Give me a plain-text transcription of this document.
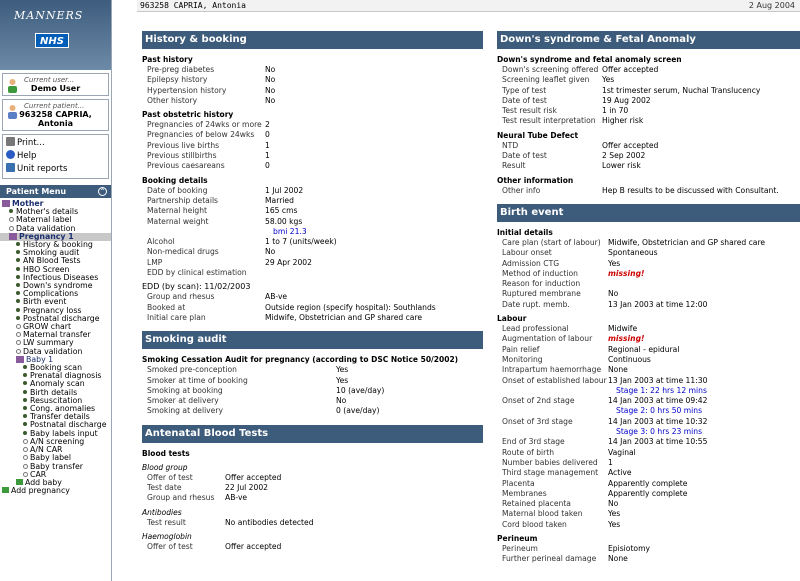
MANNERS
NHS
Current user...
Demo User
Current patient...
963258 CAPRIA,
Antonia
Print...
Help
Unit reports
Patient Menu	^
Mother
Mother's details
Maternal label
Data validation
Pregnancy 1
History & booking
Smoking audit
AN Blood Tests
HBO Screen
Infectious Diseases
Down's syndrome
Complications
Birth event
Pregnancy loss
Postnatal discharge
GROW chart
Maternal transfer
LW summary
Data validation
Baby 1
Booking scan
Prenatal diagnosis
Anomaly scan
Birth details
Resuscitation
Cong. anomalies
Transfer details
Postnatal discharge
Baby labels input
A/N screening
A/N CAR
Baby label
Baby transfer
CAR
Add baby
Add pregnancy
963258 CAPRIA, Antonia	2 Aug 2004
History & booking
Past history
Pre-preg diabetes	No
Epilepsy history	No
Hypertension history	No
Other history	No
Past obstetric history
Pregnancies of 24wks or more 2
Pregnancies of below 24wks	0
Previous live births	1
Previous stillbirths	1
Previous caesareans	0
Booking details
Date of booking	1 Jul 2002
Partnership details	Married
Maternal height	165 cms
Maternal weight	58.00 kgs
bmi 21.3
Alcohol	1 to 7 (units/week)
Non-medical drugs	No
LMP	29 Apr 2002
EDD by clinical estimation
EDD (by scan): 11/02/2003
Group and rhesus	AB-ve
Booked at	Outside region (specify hospital): Southlands
Initial care plan	Midwife, Obstetrician and GP shared care
Smoking audit
Smoking Cessation Audit for pregnancy (according to DSC Notice 50/2002)
Smoked pre-conception	Yes
Smoker at time of booking	Yes
Smoking at booking	10 (ave/day)
Smoker at delivery	No
Smoking at delivery	0 (ave/day)
Antenatal Blood Tests
Blood tests
Blood group
Offer of test	Offer accepted
Test date	22 Jul 2002
Group and rhesus	AB-ve
Antibodies
Test result	No antibodies detected
Haemoglobin
Offer of test	Offer accepted
Down's syndrome & Fetal Anomaly
Down's syndrome and fetal anomaly screen
Down's screening offered Offer accepted
Screening leaflet given	Yes
Type of test	1st trimester serum, Nuchal Translucency
Date of test	19 Aug 2002
Test result risk	1 in 70
Test result interpretation Higher risk
Neural Tube Defect
NTD	Offer accepted
Date of test	2 Sep 2002
Result	Lower risk
Other information
Other info	Hep B results to be discussed with Consultant.
Birth event
Initial details
Care plan (start of labour) Midwife, Obstetrician and GP shared care
Labour onset	Spontaneous
Admission CTG	Yes
Method of induction	missing!
Reason for induction
Ruptured membrane	No
Date rupt. memb.	13 Jan 2003 at time 12:00
Labour
Lead professional	Midwife
Augmentation of labour	missing!
Pain relief	Regional - epidural
Monitoring	Continuous
Intrapartum haemorrhage None
Onset of established labour 13 Jan 2003 at time 11:30
Stage 1: 22 hrs 12 mins
Onset of 2nd stage	14 Jan 2003 at time 09:42
Stage 2: 0 hrs 50 mins
Onset of 3rd stage	14 Jan 2003 at time 10:32
Stage 3: 0 hrs 23 mins
End of 3rd stage	14 Jan 2003 at time 10:55
Route of birth	Vaginal
Number babies delivered	1
Third stage management	Active
Placenta	Apparently complete
Membranes	Apparently complete
Retained placenta	No
Maternal blood taken	Yes
Cord blood taken	Yes
Perineum
Perineum	Episiotomy
Further perineal damage	None
